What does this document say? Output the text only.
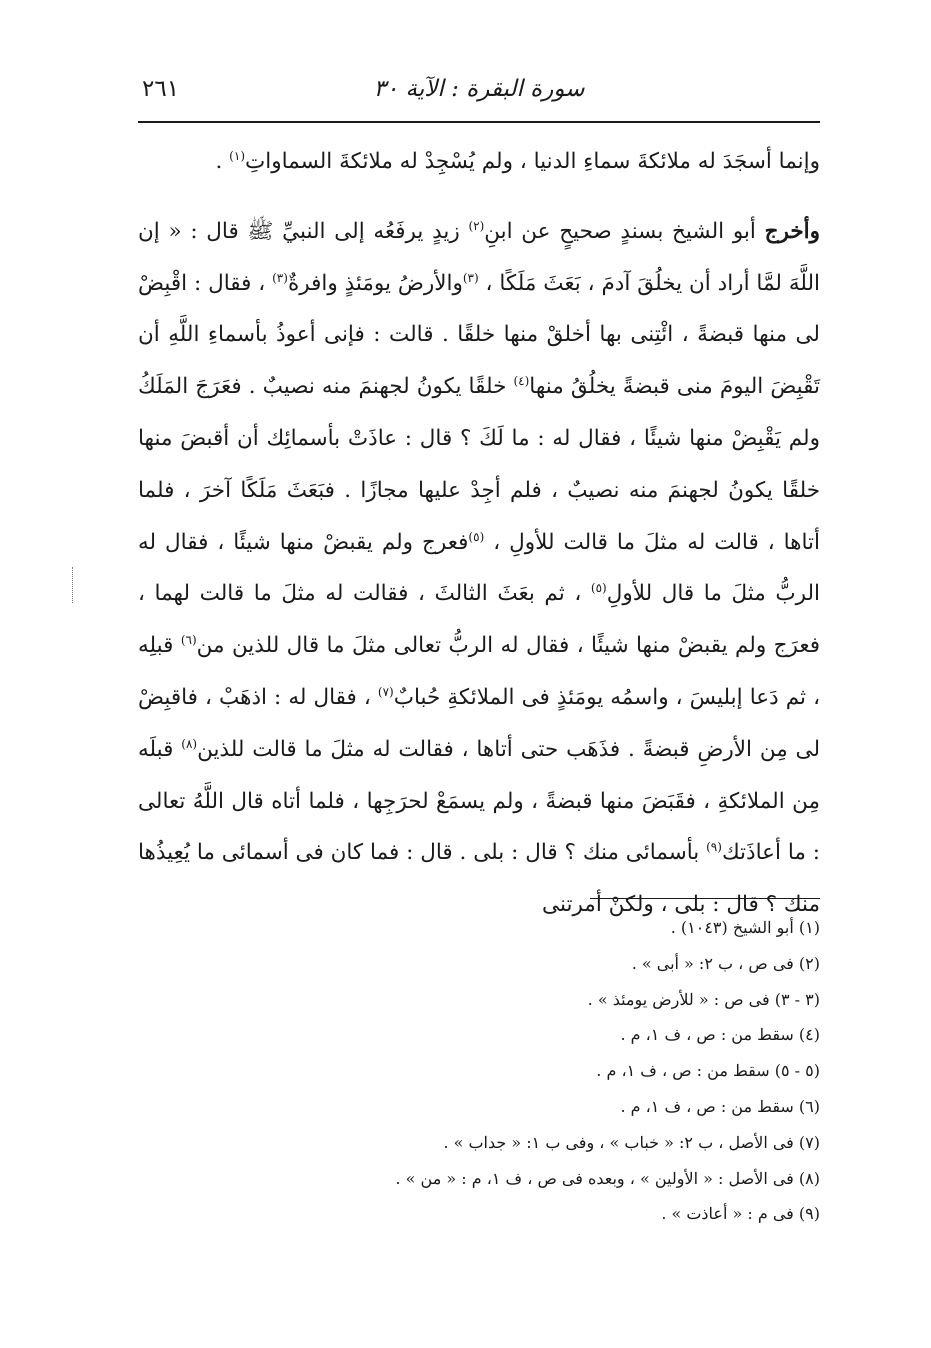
سورة البقرة : الآية ٣٠
٢٦١

وإنما أسجَدَ له ملائكةَ سماءِ الدنيا ، ولم يُسْجِدْ له ملائكةَ السماواتِ$^{(١)}$ .

وأخرج أبو الشيخ بسندٍ صحيحٍ عن ابنِ$^{(٢)}$ زيدٍ يرفَعُه إلى النبيِّ ﷺ قال : « إن اللَّهَ لمَّا أراد أن يخلُقَ آدمَ ، بَعَثَ مَلَكًا ، $^{(٣)}$والأرضُ يومَئذٍ وافرةٌ$^{(٣)}$ ، فقال : اقْبِضْ لى منها قبضةً ، ائْتِنى بها أخلقْ منها خلقًا . قالت : فإنى أعوذُ بأسماءِ اللَّهِ أن تَقْبِضَ اليومَ منى قبضةً يخلُقُ منها$^{(٤)}$ خلقًا يكونُ لجهنمَ منه نصيبٌ . فعَرَجَ المَلَكُ ولم يَقْبِضْ منها شيئًا ، فقال له : ما لَكَ ؟ قال : عاذَتْ بأسمائِك أن أقبضَ منها خلقًا يكونُ لجهنمَ منه نصيبٌ ، فلم أجِدْ عليها مجازًا . فبَعَثَ مَلَكًا آخرَ ، فلما أتاها ، قالت له مثلَ ما قالت للأولِ ، $^{(٥)}$فعرج ولم يقبضْ منها شيئًا ، فقال له الربُّ مثلَ ما قال للأولِ$^{(٥)}$ ، ثم بعَثَ الثالثَ ، فقالت له مثلَ ما قالت لهما ، فعرَج ولم يقبضْ منها شيئًا ، فقال له الربُّ تعالى مثلَ ما قال للذين من$^{(٦)}$ قبلِه ، ثم دَعا إبليسَ ، واسمُه يومَئذٍ فى الملائكةِ حُبابٌ$^{(٧)}$ ، فقال له : اذهَبْ ، فاقبِضْ لى مِن الأرضِ قبضةً . فذَهَب حتى أتاها ، فقالت له مثلَ ما قالت للذين$^{(٨)}$ قبلَه مِن الملائكةِ ، فقَبَضَ منها قبضةً ، ولم يسمَعْ لحرَجِها ، فلما أتاه قال اللَّهُ تعالى : ما أعاذَتك$^{(٩)}$ بأسمائى منك ؟ قال : بلى . قال : فما كان فى أسمائى ما يُعِيذُها منك ؟ قال : بلى ، ولكنْ أمرتنى

(١) أبو الشيخ (١٠٤٣) .
(٢) فى ص ، ب ٢: « أبى » .
(٣ - ٣) فى ص : « للأرض يومئذ » .
(٤) سقط من : ص ، ف ١، م .
(٥ - ٥) سقط من : ص ، ف ١، م .
(٦) سقط من : ص ، ف ١، م .
(٧) فى الأصل ، ب ٢: « خباب » ، وفى ب ١: « جداب » .
(٨) فى الأصل : « الأولين » ، وبعده فى ص ، ف ١، م : « من » .
(٩) فى م : « أعاذت » .
